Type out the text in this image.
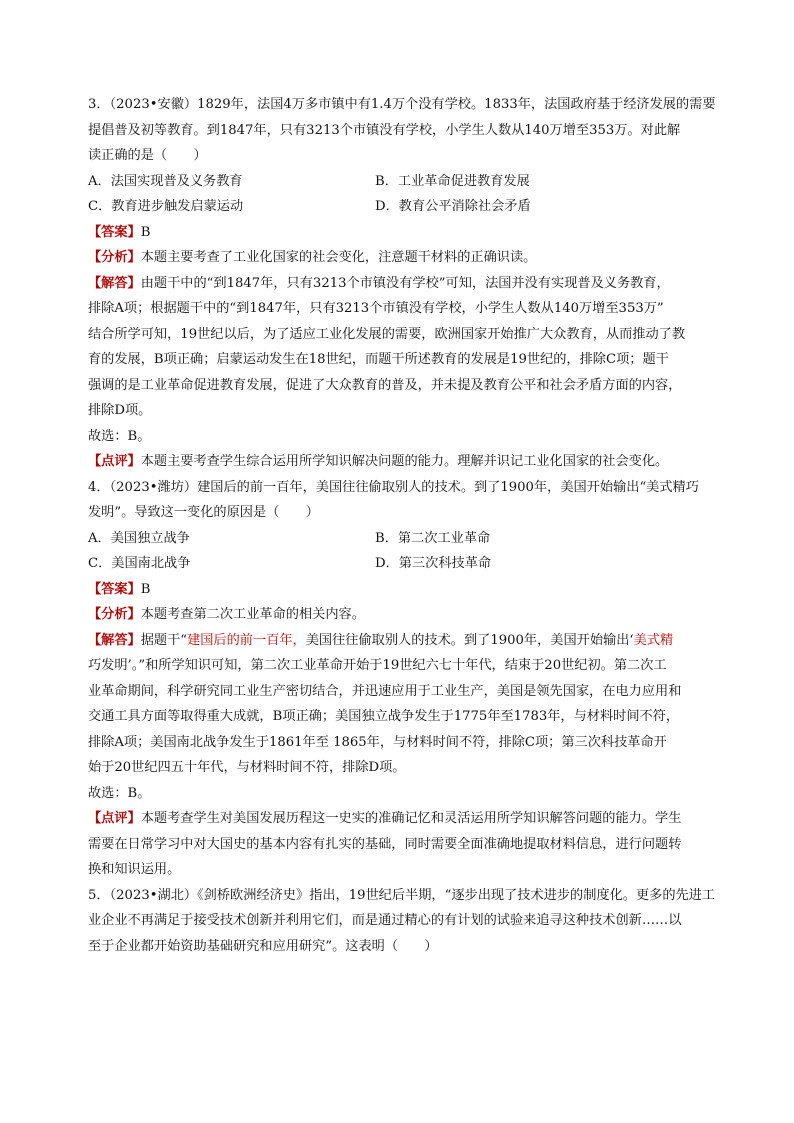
3．（2023•安徽）1829年，法国4万多市镇中有1.4万个没有学校。1833年，法国政府基于经济发展的需要
提倡普及初等教育。到1847年，只有3213个市镇没有学校，小学生人数从140万增至353万。对此解
读正确的是（　　）

A．法国实现普及义务教育	B．工业革命促进教育发展

C．教育进步触发启蒙运动	D．教育公平消除社会矛盾

【答案】B

【分析】本题主要考查了工业化国家的社会变化，注意题干材料的正确识读。

【解答】由题干中的“到1847年，只有3213个市镇没有学校”可知，法国并没有实现普及义务教育，
排除A项；根据题干中的“到1847年，只有3213个市镇没有学校，小学生人数从140万增至353万”
结合所学可知，19世纪以后，为了适应工业化发展的需要，欧洲国家开始推广大众教育，从而推动了教
育的发展，B项正确；启蒙运动发生在18世纪，而题干所述教育的发展是19世纪的，排除C项；题干
强调的是工业革命促进教育发展，促进了大众教育的普及，并未提及教育公平和社会矛盾方面的内容，
排除D项。

故选：B。

【点评】本题主要考查学生综合运用所学知识解决问题的能力。理解并识记工业化国家的社会变化。

4．（2023•潍坊）建国后的前一百年，美国往往偷取别人的技术。到了1900年，美国开始输出“美式精巧
发明”。导致这一变化的原因是（　　）

A．美国独立战争	B．第二次工业革命

C．美国南北战争	D．第三次科技革命

【答案】B

【分析】本题考查第二次工业革命的相关内容。

【解答】据题干“建国后的前一百年，美国往往偷取别人的技术。到了1900年，美国开始输出‘美式精
巧发明’。”和所学知识可知，第二次工业革命开始于19世纪六七十年代，结束于20世纪初。第二次工
业革命期间，科学研究同工业生产密切结合，并迅速应用于工业生产，美国是领先国家，在电力应用和
交通工具方面等取得重大成就，B项正确；美国独立战争发生于1775年至1783年，与材料时间不符，
排除A项；美国南北战争发生于1861年至 1865年，与材料时间不符，排除C项；第三次科技革命开
始于20世纪四五十年代，与材料时间不符，排除D项。

故选：B。

【点评】本题考查学生对美国发展历程这一史实的准确记忆和灵活运用所学知识解答问题的能力。学生
需要在日常学习中对大国史的基本内容有扎实的基础，同时需要全面准确地提取材料信息，进行问题转
换和知识运用。

5．（2023•湖北）《剑桥欧洲经济史》指出，19世纪后半期，“逐步出现了技术进步的制度化。更多的先进工
业企业不再满足于接受技术创新并利用它们，而是通过精心的有计划的试验来追寻这种技术创新……以
至于企业都开始资助基础研究和应用研究”。这表明（　　）
